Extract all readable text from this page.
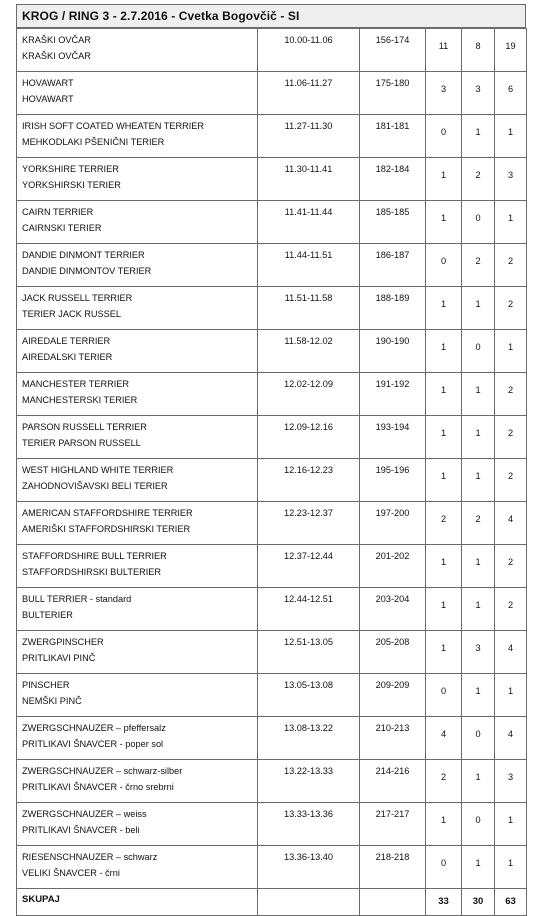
KROG / RING 3 - 2.7.2016 - Cvetka Bogovčič - SI
KRAŠKI OVČAR
KRAŠKI OVČAR	10.00-11.06	156-174	11	8	19

HOVAWART
HOVAWART	11.06-11.27	175-180	3	3	6

IRISH SOFT COATED WHEATEN TERRIER
MEHKODLAKI PŠENIČNI TERIER	11.27-11.30	181-181	0	1	1

YORKSHIRE TERRIER
YORKSHIRSKI TERIER	11.30-11.41	182-184	1	2	3

CAIRN TERRIER
CAIRNSKI TERIER	11.41-11.44	185-185	1	0	1

DANDIE DINMONT TERRIER
DANDIE DINMONTOV TERIER	11.44-11.51	186-187	0	2	2

JACK RUSSELL TERRIER
TERIER JACK RUSSEL	11.51-11.58	188-189	1	1	2

AIREDALE TERRIER
AIREDALSKI TERIER	11.58-12.02	190-190	1	0	1

MANCHESTER TERRIER
MANCHESTERSKI TERIER	12.02-12.09	191-192	1	1	2

PARSON RUSSELL TERRIER
TERIER PARSON RUSSELL	12.09-12.16	193-194	1	1	2

WEST HIGHLAND WHITE TERRIER
ZAHODNOVIŠAVSKI BELI TERIER	12.16-12.23	195-196	1	1	2

AMERICAN STAFFORDSHIRE TERRIER
AMERIŠKI STAFFORDSHIRSKI TERIER	12.23-12.37	197-200	2	2	4

STAFFORDSHIRE BULL TERRIER
STAFFORDSHIRSKI BULTERIER	12.37-12.44	201-202	1	1	2

BULL TERRIER - standard
BULTERIER	12.44-12.51	203-204	1	1	2

ZWERGPINSCHER
PRITLIKAVI PINČ	12.51-13.05	205-208	1	3	4

PINSCHER
NEMŠKI PINČ	13.05-13.08	209-209	0	1	1

ZWERGSCHNAUZER – pfeffersalz
PRITLIKAVI ŠNAVCER - poper sol	13.08-13.22	210-213	4	0	4

ZWERGSCHNAUZER – schwarz-silber
PRITLIKAVI ŠNAVCER - črno srebrni	13.22-13.33	214-216	2	1	3

ZWERGSCHNAUZER – weiss
PRITLIKAVI ŠNAVCER - beli	13.33-13.36	217-217	1	0	1

RIESENSCHNAUZER – schwarz
VELIKI ŠNAVCER - črni	13.36-13.40	218-218	0	1	1
SKUPAJ			33	30	63
